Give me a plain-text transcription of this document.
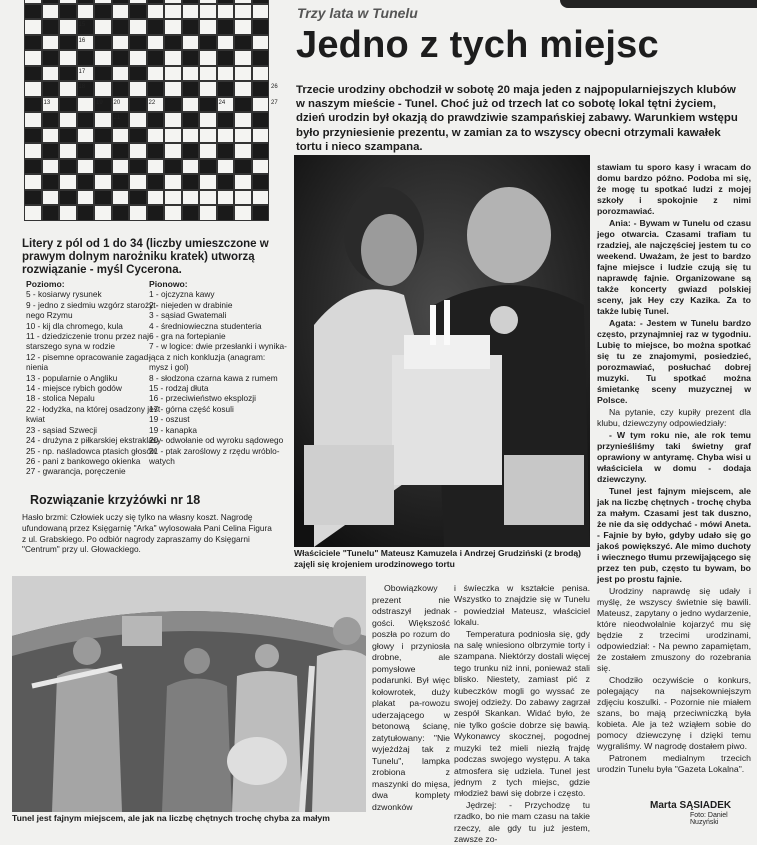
13
15
16
17
18
19 20
21
22	24
26
27
Litery z pól od 1 do 34 (liczby umieszczone w prawym dolnym narożniku kratek) utworzą rozwiązanie - myśl Cycerona.
Poziomo:
5 - kosiarwy rysunek
9 - jedno z siedmiu wzgórz starożyt-
nego Rzymu
10 - kij dla chromego, kula
11 - dziedziczenie tronu przez naj-
starszego syna w rodzie
12 - pisemne opracowanie zagad-
nienia
13 - popularnie o Angliku
14 - miejsce rybich godów
18 - stolica Nepalu
22 - łodyżka, na której osadzony jest
kwiat
23 - sąsiad Szwecji
24 - drużyna z piłkarskiej ekstraklasy
25 - np. naśladowca ptasich głosów
26 - pani z bankowego okienka
27 - gwarancja, poręczenie
Pionowo:
1 - ojczyzna kawy
2 - niejeden w drabinie
3 - sąsiad Gwatemali
4 - średniowieczna studenteria
6 - gra na fortepianie
7 - w logice: dwie przesłanki i wynika-
jąca z nich konkluzja (anagram:
mysz i gol)
8 - słodzona czarna kawa z rumem
15 - rodzaj dłuta
16 - przeciwieństwo eksplozji
17 - górna część kosuli
19 - oszust
19 - kanapka
20 - odwołanie od wyroku sądowego
21 - ptak zaroślowy z rzędu wróblo-
watych
Rozwiązanie krzyżówki nr 18
Hasło brzmi: Człowiek uczy się tylko na własny koszt. Nagrodę ufundowaną przez Księgarnię "Arka" wylosowała Pani Celina Figura z ul. Grabskiego. Po odbiór nagrody zapraszamy do Księgarni "Centrum" przy ul. Głowackiego.
Trzy lata w Tunelu
Jedno z tych miejsc
Trzecie urodziny obchodził w sobotę 20 maja jeden z najpopularniejszych klubów w naszym mieście - Tunel. Choć już od trzech lat co sobotę lokal tętni życiem, dzień urodzin był okazją do prawdziwie szampańskiej zabawy. Warunkiem wstępu było przyniesienie prezentu, w zamian za to wszyscy obecni otrzymali kawałek tortu i nieco szampana.
Właściciele "Tunelu" Mateusz Kamuzela i Andrzej Grudziński (z brodą) zajęli się krojeniem urodzinowego tortu

stawiam tu sporo kasy i wracam do domu bardzo późno. Podoba mi się, że mogę tu spotkać ludzi z mojej szkoły i spokojnie z nimi porozmawiać.

Ania: - Bywam w Tunelu od czasu jego otwarcia. Czasami trafiam tu rzadziej, ale najczęściej jestem tu co weekend. Uważam, że jest to bardzo fajne miejsce i ludzie czują się tu naprawdę fajnie. Organizowane są także koncerty gwiazd polskiej sceny, jak Hey czy Kazika. Za to także lubię Tunel.

Agata: - Jestem w Tunelu bardzo często, przynajmniej raz w tygodniu. Lubię to miejsce, bo można spotkać się tu ze znajomymi, posiedzieć, porozmawiać, posłuchać dobrej muzyki. Tu spotkać można śmietankę sceny muzycznej w Polsce.

Na pytanie, czy kupiły prezent dla klubu, dziewczyny odpowiedziały:

- W tym roku nie, ale rok temu przynieśliśmy taki świetny graf oprawiony w antyramę. Chyba wisi u właściciela w domu - dodaja dziewczyny.

Tunel jest fajnym miejscem, ale jak na liczbę chętnych - trochę chyba za małym. Czasami jest tak duszno, że nie da się oddychać - mówi Aneta. - Fajnie by było, gdyby udało się go jakoś powiększyć. Ale mimo duchoty i wiecznego tłumu przewijającego się przez ten pub, często tu bywam, bo jest po prostu fajnie.

Urodziny naprawdę się udały i myślę, że wszyscy świetnie się bawili. Mateusz, zapytany o jedno wydarzenie, które nieodwołalnie kojarzyć mu się będzie z trzecimi urodzinami, odpowiedział: - Na pewno zapamiętam, że zostałem zmuszony do rozebrania się.

Chodziło oczywiście o konkurs, polegający na najsekowniejszym zdjęciu koszulki. - Pozornie nie miałem szans, bo mają przeciwniczką była kobieta. Ale ja też wziąłem sobie do pomocy dziewczynę i dzięki temu wygraliśmy. W nagrodę dostałem piwo.

Patronem medialnym trzecich urodzin Tunelu była "Gazeta Lokalna".

Tunel jest fajnym miejscem, ale jak na liczbę chętnych trochę chyba za małym

Obowiązkowy prezent nie odstraszył jednak gości. Większość poszła po rozum do głowy i przyniosła drobne, ale pomysłowe podarunki. Był więc kołowrotek, duży plakat pa-rowozu uderzającego w betonową ścianę, zatytułowany: "Nie wyjeżdżaj tak z Tunelu", lampka zrobiona z maszynki do mięsa, dwa komplety dzwonków

i śwíeczka w kształcie penisa. Wszystko to znajdzie się w Tunelu - powiedział Mateusz, właściciel lokalu.

Temperatura podniosła się, gdy na salę wniesiono olbrzymie torty i szampana. Niektórzy dostali więcej tego trunku niż inni, ponieważ stali blisko. Niestety, zamiast pić z kubeczków mogli go wyssać ze swojej odzieży. Do zabawy zagrzał zespół Skankan. Widać było, że nie tylko goście dobrze się bawią. Wykonawcy skocznej, pogodnej muzyki też mieli niezłą frajdę podczas swojego występu. A taka atmosfera się udziela. Tunel jest jednym z tych miejsc, gdzie młodzież bawi się dobrze i często.

Jędrzej: - Przychodzę tu rzadko, bo nie mam czasu na takie rzeczy, ale gdy tu już jestem, zawsze zo-

Marta SĄSIADEK
Foto: Daniel Nuzyński
